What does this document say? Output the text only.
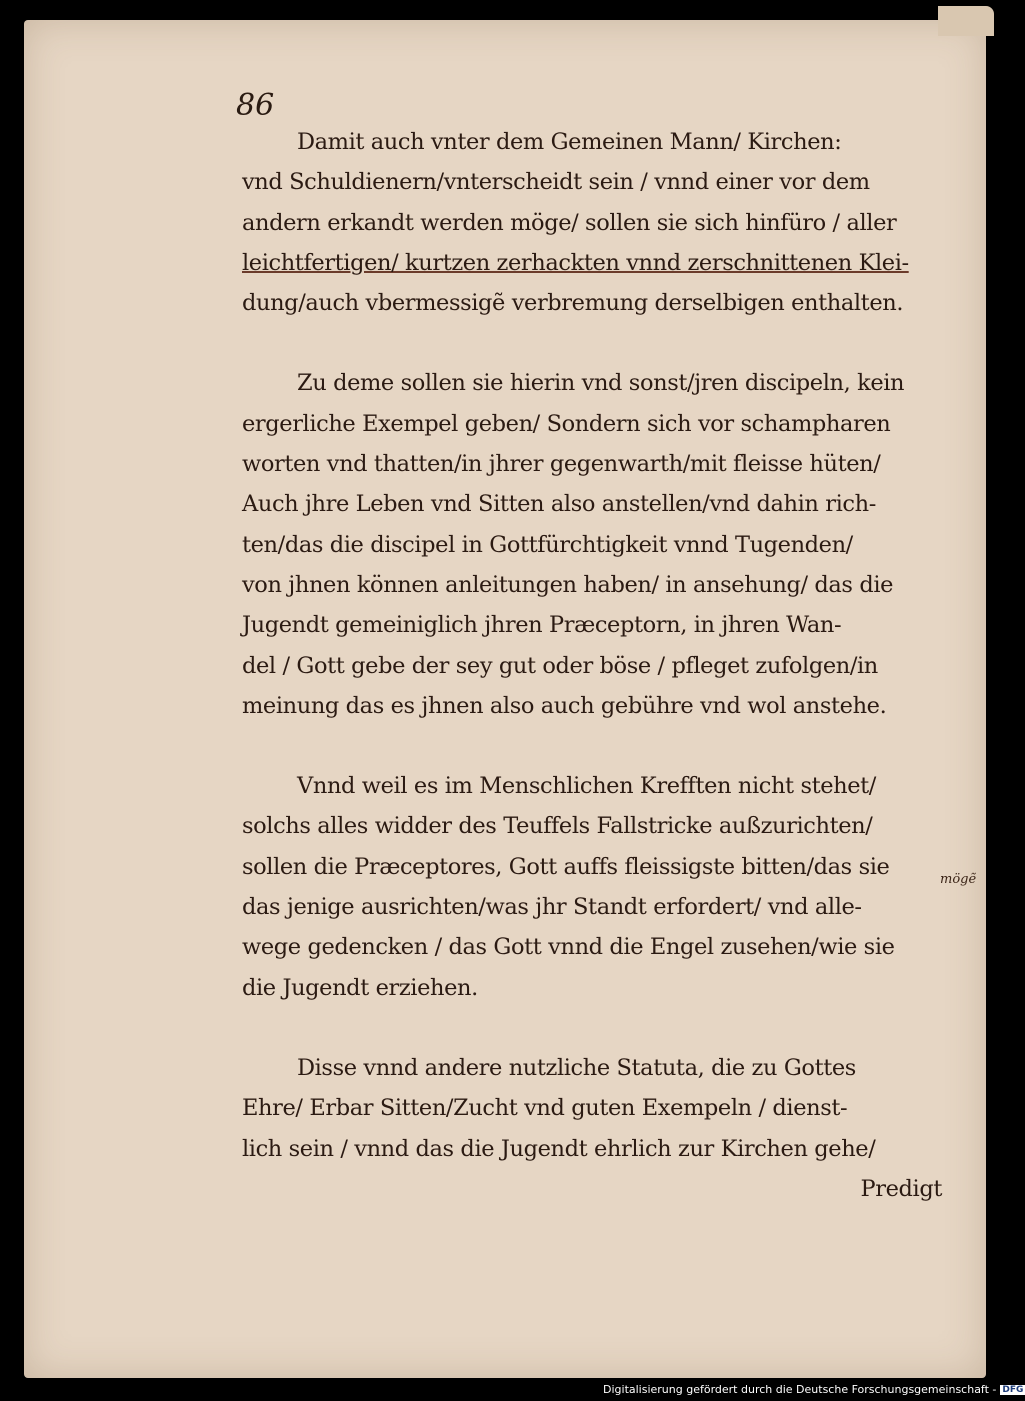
86
Damit auch vnter dem Gemeinen Mann/ Kirchen:
vnd Schuldienern/vnterscheidt sein / vnnd einer vor dem
andern erkandt werden möge/ sollen sie sich hinfüro / aller
leichtfertigen/ kurtzen zerhackten vnnd zerschnittenen Klei-
dung/auch vbermessigẽ verbremung derselbigen enthalten.
Zu deme sollen sie hierin vnd sonst/jren discipeln, kein
ergerliche Exempel geben/ Sondern sich vor schampharen
worten vnd thatten/in jhrer gegenwarth/mit fleisse hüten/
Auch jhre Leben vnd Sitten also anstellen/vnd dahin rich-
ten/das die discipel in Gottfürchtigkeit vnnd Tugenden/
von jhnen können anleitungen haben/ in ansehung/ das die
Jugendt gemeiniglich jhren Præceptorn, in jhren Wan-
del / Gott gebe der sey gut oder böse / pfleget zufolgen/in
meinung das es jhnen also auch gebühre vnd wol anstehe.
Vnnd weil es im Menschlichen Krefften nicht stehet/
solchs alles widder des Teuffels Fallstricke außzurichten/
sollen die Præceptores, Gott auffs fleissigste bitten/das sie
das jenige ausrichten/was jhr Standt erfordert/ vnd alle-
wege gedencken / das Gott vnnd die Engel zusehen/wie sie
die Jugendt erziehen.
Disse vnnd andere nutzliche Statuta, die zu Gottes
Ehre/ Erbar Sitten/Zucht vnd guten Exempeln / dienst-
lich sein / vnnd das die Jugendt ehrlich zur Kirchen gehe/
Predigt
mögẽ
Digitalisierung gefördert durch die Deutsche Forschungsgemeinschaft - DFG
